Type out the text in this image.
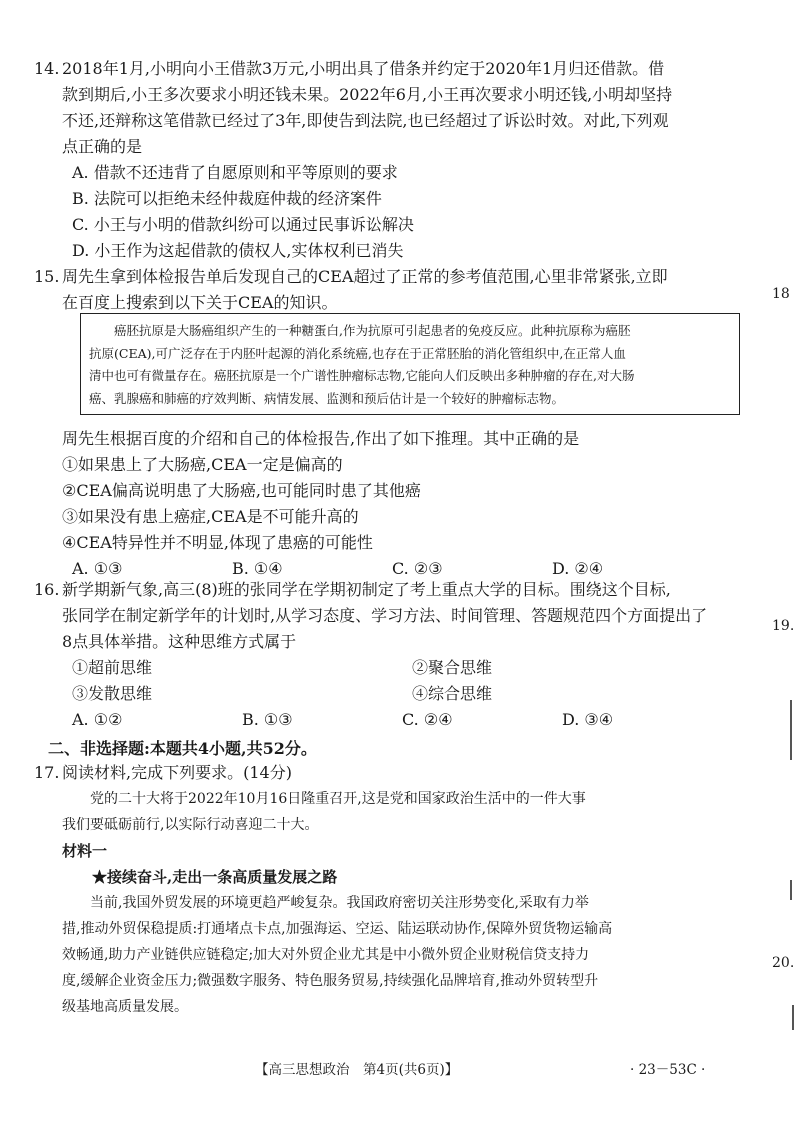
14. 2018年1月,小明向小王借款3万元,小明出具了借条并约定于2020年1月归还借款。借

款到期后,小王多次要求小明还钱未果。2022年6月,小王再次要求小明还钱,小明却坚持

不还,还辩称这笔借款已经过了3年,即使告到法院,也已经超过了诉讼时效。对此,下列观

点正确的是

A. 借款不还违背了自愿原则和平等原则的要求

B. 法院可以拒绝未经仲裁庭仲裁的经济案件

C. 小王与小明的借款纠纷可以通过民事诉讼解决

D. 小王作为这起借款的债权人,实体权利已消失

15. 周先生拿到体检报告单后发现自己的CEA超过了正常的参考值范围,心里非常紧张,立即

在百度上搜索到以下关于CEA的知识。

癌胚抗原是大肠癌组织产生的一种糖蛋白,作为抗原可引起患者的免疫反应。此种抗原称为癌胚

抗原(CEA),可广泛存在于内胚叶起源的消化系统癌,也存在于正常胚胎的消化管组织中,在正常人血

清中也可有微量存在。癌胚抗原是一个广谱性肿瘤标志物,它能向人们反映出多种肿瘤的存在,对大肠

癌、乳腺癌和肺癌的疗效判断、病情发展、监测和预后估计是一个较好的肿瘤标志物。

周先生根据百度的介绍和自己的体检报告,作出了如下推理。其中正确的是

①如果患上了大肠癌,CEA一定是偏高的

②CEA偏高说明患了大肠癌,也可能同时患了其他癌

③如果没有患上癌症,CEA是不可能升高的

④CEA特异性并不明显,体现了患癌的可能性

A. ①③	B. ①④	C. ②③	D. ②④
16. 新学期新气象,高三(8)班的张同学在学期初制定了考上重点大学的目标。围绕这个目标,

张同学在制定新学年的计划时,从学习态度、学习方法、时间管理、答题规范四个方面提出了

8点具体举措。这种思维方式属于

①超前思维	②聚合思维
③发散思维	④综合思维
A. ①②	B. ①③	C. ②④	D. ③④
二、非选择题:本题共4小题,共52分。
17. 阅读材料,完成下列要求。(14分)

党的二十大将于2022年10月16日隆重召开,这是党和国家政治生活中的一件大事

我们要砥砺前行,以实际行动喜迎二十大。

材料一

★接续奋斗,走出一条高质量发展之路

当前,我国外贸发展的环境更趋严峻复杂。我国政府密切关注形势变化,采取有力举

措,推动外贸保稳提质:打通堵点卡点,加强海运、空运、陆运联动协作,保障外贸货物运输高

效畅通,助力产业链供应链稳定;加大对外贸企业尤其是中小微外贸企业财税信贷支持力

度,缓解企业资金压力;微强数字服务、特色服务贸易,持续强化品牌培育,推动外贸转型升

级基地高质量发展。

【高三思想政治　第4页(共6页)】	· 23－53C ·
18
19.
20.
